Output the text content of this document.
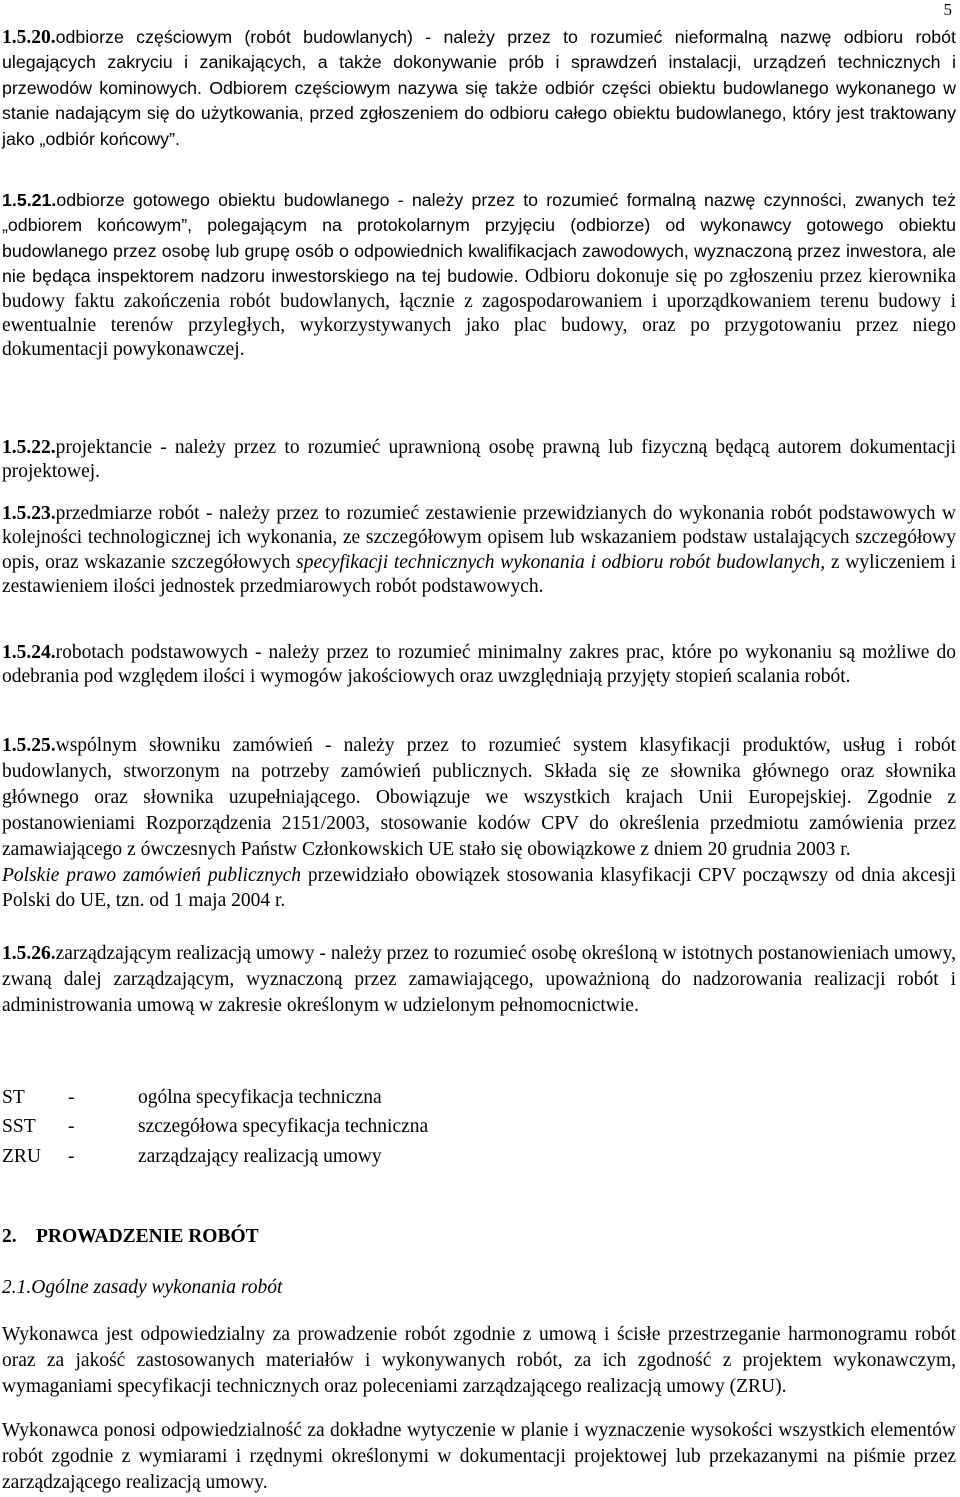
5
1.5.20.odbiorze częściowym (robót budowlanych) - należy przez to rozumieć nieformalną nazwę odbioru robót ulegających zakryciu i zanikających, a także dokonywanie prób i sprawdzeń instalacji, urządzeń technicznych i przewodów kominowych. Odbiorem częściowym nazywa się także odbiór części obiektu budowlanego wykonanego w stanie nadającym się do użytkowania, przed zgłoszeniem do odbioru całego obiektu budowlanego, który jest traktowany jako „odbiór końcowy”.
1.5.21.odbiorze gotowego obiektu budowlanego - należy przez to rozumieć formalną nazwę czynności, zwanych też „odbiorem końcowym”, polegającym na protokolarnym przyjęciu (odbiorze) od wykonawcy gotowego obiektu budowlanego przez osobę lub grupę osób o odpowiednich kwalifikacjach zawodowych, wyznaczoną przez inwestora, ale nie będąca inspektorem nadzoru inwestorskiego na tej budowie. Odbioru dokonuje się po zgłoszeniu przez kierownika budowy faktu zakończenia robót budowlanych, łącznie z zagospodarowaniem i uporządkowaniem terenu budowy i ewentualnie terenów przyległych, wykorzystywanych jako plac budowy, oraz po przygotowaniu przez niego dokumentacji powykonawczej.
1.5.22.projektancie - należy przez to rozumieć uprawnioną osobę prawną lub fizyczną będącą autorem dokumentacji projektowej.
1.5.23.przedmiarze robót - należy przez to rozumieć zestawienie przewidzianych do wykonania robót podstawowych w kolejności technologicznej ich wykonania, ze szczegółowym opisem lub wskazaniem podstaw ustalających szczegółowy opis, oraz wskazanie szczegółowych specyfikacji technicznych wykonania i odbioru robót budowlanych, z wyliczeniem i zestawieniem ilości jednostek przedmiarowych robót podstawowych.
1.5.24.robotach podstawowych - należy przez to rozumieć minimalny zakres prac, które po wykonaniu są możliwe do odebrania pod względem ilości i wymogów jakościowych oraz uwzględniają przyjęty stopień scalania robót.
1.5.25.wspólnym słowniku zamówień - należy przez to rozumieć system klasyfikacji produktów, usług i robót budowlanych, stworzonym na potrzeby zamówień publicznych. Składa się ze słownika głównego oraz słownika głównego oraz słownika uzupełniającego. Obowiązuje we wszystkich krajach Unii Europejskiej. Zgodnie z postanowieniami Rozporządzenia 2151/2003, stosowanie kodów CPV do określenia przedmiotu zamówienia przez zamawiającego z ówczesnych Państw Członkowskich UE stało się obowiązkowe z dniem 20 grudnia 2003 r.
Polskie prawo zamówień publicznych przewidziało obowiązek stosowania klasyfikacji CPV począwszy od dnia akcesji Polski do UE, tzn. od 1 maja 2004 r.
1.5.26.zarządzającym realizacją umowy - należy przez to rozumieć osobę określoną w istotnych postanowieniach umowy, zwaną dalej zarządzającym, wyznaczoną przez zamawiającego, upoważnioną do nadzorowania realizacji robót i administrowania umową w zakresie określonym w udzielonym pełnomocnictwie.
ST -	ogólna specyfikacja techniczna
SST -	szczegółowa specyfikacja techniczna
ZRU -	zarządzający realizacją umowy
2. PROWADZENIE ROBÓT
2.1.Ogólne zasady wykonania robót
Wykonawca jest odpowiedzialny za prowadzenie robót zgodnie z umową i ścisłe przestrzeganie harmonogramu robót oraz za jakość zastosowanych materiałów i wykonywanych robót, za ich zgodność z projektem wykonawczym, wymaganiami specyfikacji technicznych oraz poleceniami zarządzającego realizacją umowy (ZRU).
Wykonawca ponosi odpowiedzialność za dokładne wytyczenie w planie i wyznaczenie wysokości wszystkich elementów robót zgodnie z wymiarami i rzędnymi określonymi w dokumentacji projektowej lub przekazanymi na piśmie przez zarządzającego realizacją umowy.
